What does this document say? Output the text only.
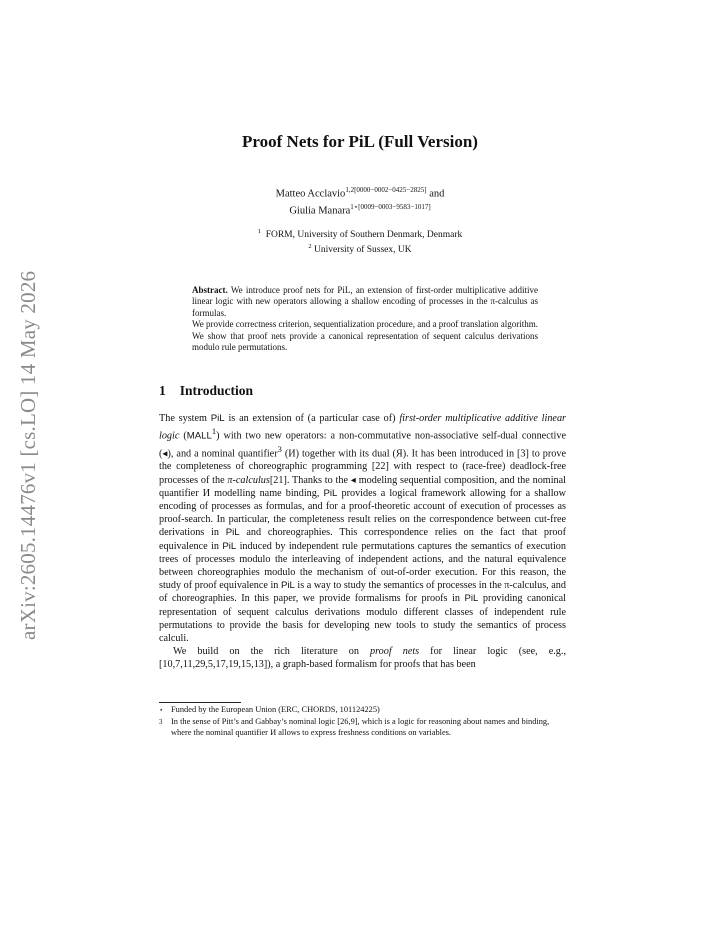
arXiv:2605.14476v1 [cs.LO] 14 May 2026
Proof Nets for PiL (Full Version)
Matteo Acclavio$^{1,2[0000-0002-0425-2825]}$ and
Giulia Manara$^{1⋆[0009-0003-9583-1017]}$
$^1$ FORM, University of Southern Denmark, Denmark
$^2$ University of Sussex, UK

Abstract. We introduce proof nets for PiL, an extension of first-order multiplicative additive linear logic with new operators allowing a shallow encoding of processes in the π-calculus as formulas.

We provide correctness criterion, sequentialization procedure, and a proof translation algorithm. We show that proof nets provide a canonical representation of sequent calculus derivations modulo rule permutations.

1 Introduction

The system PiL is an extension of (a particular case of) first-order multiplicative additive linear logic (MALL$^1$) with two new operators: a non-commutative non-associative self-dual connective (◂), and a nominal quantifier$^3$ (И) together with its dual (Я). It has been introduced in [3] to prove the completeness of choreographic programming [22] with respect to (race-free) deadlock-free processes of the π-calculus[21]. Thanks to the ◂ modeling sequential composition, and the nominal quantifier И modelling name binding, PiL provides a logical framework allowing for a shallow encoding of processes as formulas, and for a proof-theoretic account of execution of processes as proof-search. In particular, the completeness result relies on the correspondence between cut-free derivations in PiL and choreographies. This correspondence relies on the fact that proof equivalence in PiL induced by independent rule permutations captures the semantics of execution trees of processes modulo the interleaving of independent actions, and the natural equivalence between choreographies modulo the mechanism of out-of-order execution. For this reason, the study of proof equivalence in PiL is a way to study the semantics of processes in the π-calculus, and of choreographies. In this paper, we provide formalisms for proofs in PiL providing canonical representation of sequent calculus derivations modulo different classes of independent rule permutations to provide the basis for developing new tools to study the semantics of process calculi.

We build on the rich literature on proof nets for linear logic (see, e.g., [10,7,11,29,5,17,19,15,13]), a graph-based formalism for proofs that has been

⋆ Funded by the European Union (ERC, CHORDS, 101124225)

3 In the sense of Pitt’s and Gabbay’s nominal logic [26,9], which is a logic for reasoning about names and binding, where the nominal quantifier И allows to express freshness conditions on variables.
